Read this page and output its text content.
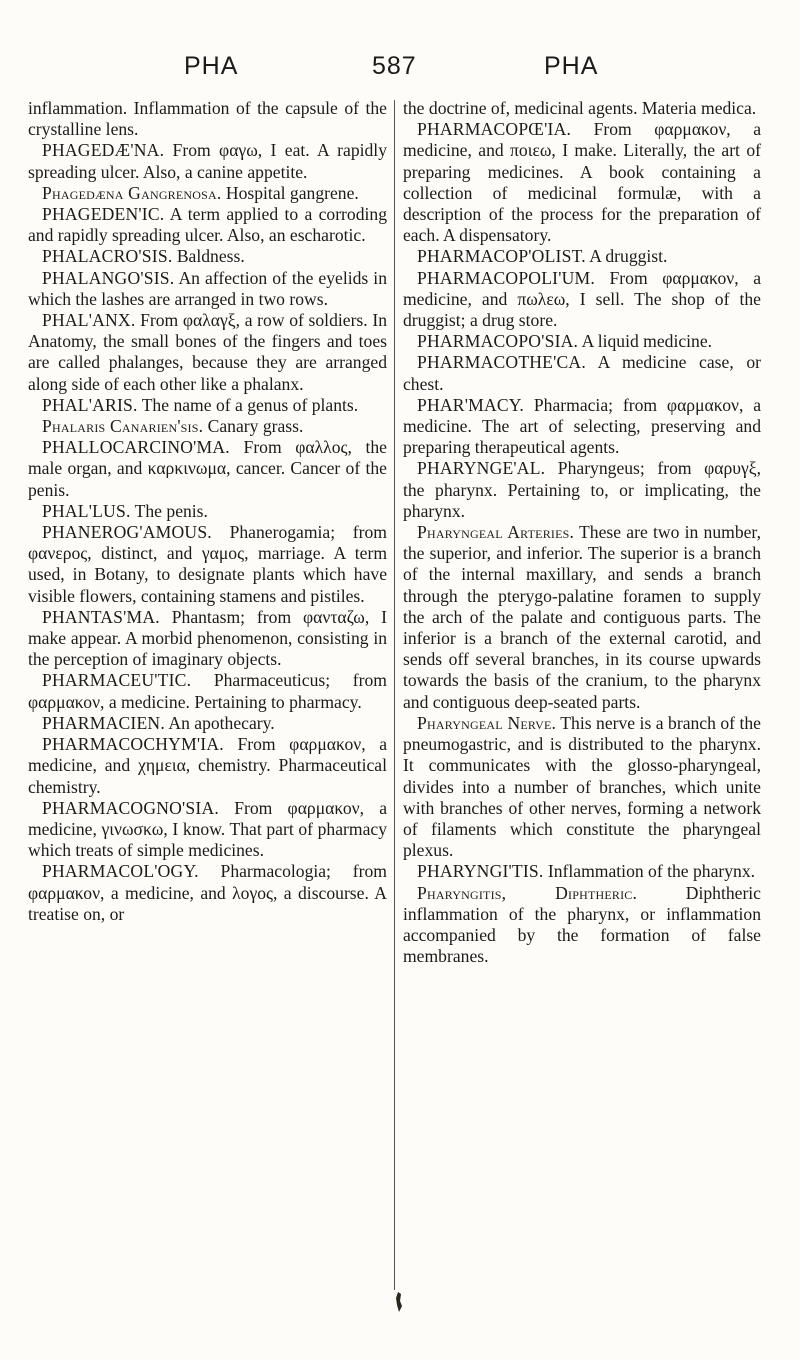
PHA	587	PHA

inflammation. Inflammation of the capsule of the crystalline lens.

PHAGEDÆ'NA. From φαγω, I eat. A rapidly spreading ulcer. Also, a canine appetite.

Phagedæna Gangrenosa. Hospital gangrene.

PHAGEDEN'IC. A term applied to a corroding and rapidly spreading ulcer. Also, an escharotic.

PHALACRO'SIS. Baldness.

PHALANGO'SIS. An affection of the eyelids in which the lashes are arranged in two rows.

PHAL'ANX. From φαλαγξ, a row of soldiers. In Anatomy, the small bones of the fingers and toes are called phalanges, because they are arranged along side of each other like a phalanx.

PHAL'ARIS. The name of a genus of plants.

Phalaris Canarien'sis. Canary grass.

PHALLOCARCINO'MA. From φαλλος, the male organ, and καρκινωμα, cancer. Cancer of the penis.

PHAL'LUS. The penis.

PHANEROG'AMOUS. Phanerogamia; from φανερος, distinct, and γαμος, marriage. A term used, in Botany, to designate plants which have visible flowers, containing stamens and pistiles.

PHANTAS'MA. Phantasm; from φανταζω, I make appear. A morbid phenomenon, consisting in the perception of imaginary objects.

PHARMACEU'TIC. Pharmaceuticus; from φαρμακον, a medicine. Pertaining to pharmacy.

PHARMACIEN. An apothecary.

PHARMACOCHYM'IA. From φαρμακον, a medicine, and χημεια, chemistry. Pharmaceutical chemistry.

PHARMACOGNO'SIA. From φαρμακον, a medicine, γινωσκω, I know. That part of pharmacy which treats of simple medicines.

PHARMACOL'OGY. Pharmacologia; from φαρμακον, a medicine, and λογος, a discourse. A treatise on, or

the doctrine of, medicinal agents. Materia medica.

PHARMACOPŒ'IA. From φαρμακον, a medicine, and ποιεω, I make. Literally, the art of preparing medicines. A book containing a collection of medicinal formulæ, with a description of the process for the preparation of each. A dispensatory.

PHARMACOP'OLIST. A druggist.

PHARMACOPOLI'UM. From φαρμακον, a medicine, and πωλεω, I sell. The shop of the druggist; a drug store.

PHARMACOPO'SIA. A liquid medicine.

PHARMACOTHE'CA. A medicine case, or chest.

PHAR'MACY. Pharmacia; from φαρμακον, a medicine. The art of selecting, preserving and preparing therapeutical agents.

PHARYNGE'AL. Pharyngeus; from φαρυγξ, the pharynx. Pertaining to, or implicating, the pharynx.

Pharyngeal Arteries. These are two in number, the superior, and inferior. The superior is a branch of the internal maxillary, and sends a branch through the pterygo-palatine foramen to supply the arch of the palate and contiguous parts. The inferior is a branch of the external carotid, and sends off several branches, in its course upwards towards the basis of the cranium, to the pharynx and contiguous deep-seated parts.

Pharyngeal Nerve. This nerve is a branch of the pneumogastric, and is distributed to the pharynx. It communicates with the glosso-pharyngeal, divides into a number of branches, which unite with branches of other nerves, forming a network of filaments which constitute the pharyngeal plexus.

PHARYNGI'TIS. Inflammation of the pharynx.

Pharyngitis, Diphtheric. Diphtheric inflammation of the pharynx, or inflammation accompanied by the formation of false membranes.
